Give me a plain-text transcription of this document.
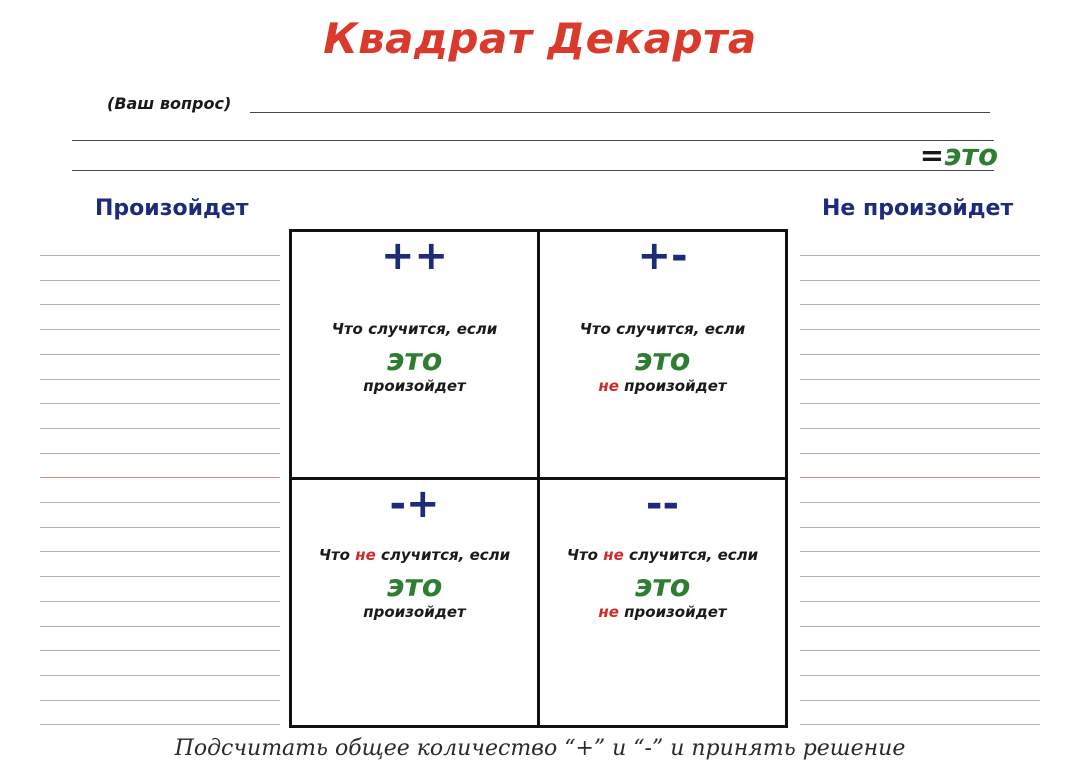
Квадрат Декарта
(Ваш вопрос)
=это
Произойдет	Не произойдет
++
Что случится, если
это
произойдет
+-
Что случится, если
это
не произойдет
-+
Что не случится, если
это
произойдет
--
Что не случится, если
это
не произойдет
Подсчитать общее количество “+” и “-” и принять решение
